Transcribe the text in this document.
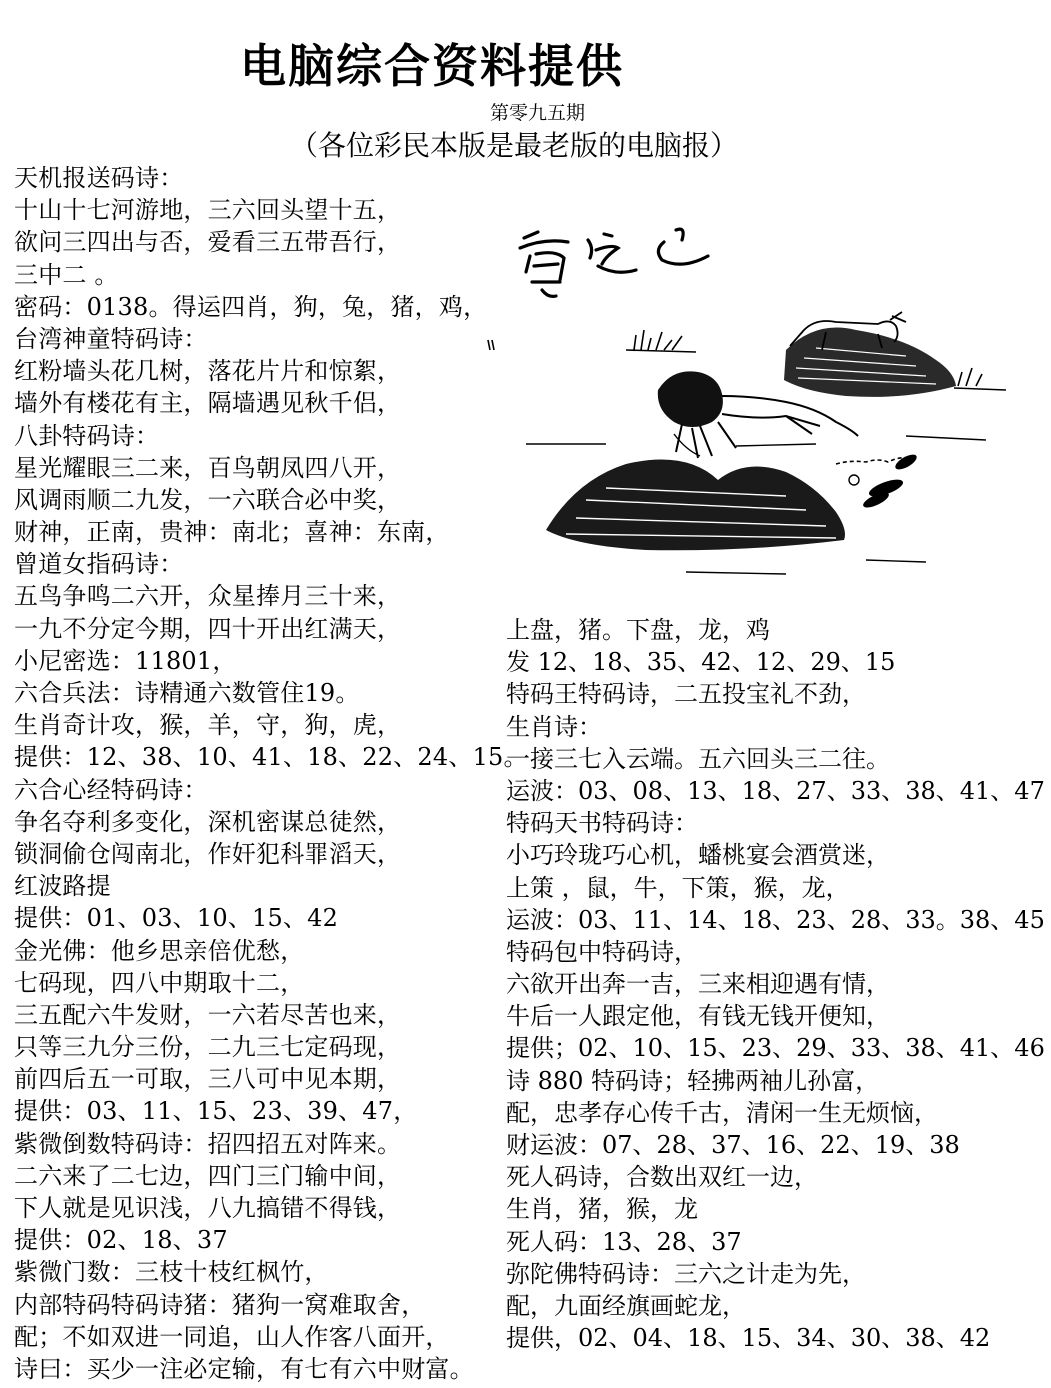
电脑综合资料提供
第零九五期
（各位彩民本版是最老版的电脑报）
天机报送码诗：
十山十七河游地，三六回头望十五，
欲问三四出与否，爱看三五带吾行，
三中二 。
密码：0138。得运四肖，狗，兔，猪，鸡，
台湾神童特码诗：
红粉墙头花几树，落花片片和惊絮，
墙外有楼花有主，隔墙遇见秋千侣，
八卦特码诗：
星光耀眼三二来，百鸟朝凤四八开，
风调雨顺二九发，一六联合必中奖，
财神，正南，贵神：南北；喜神：东南，
曾道女指码诗：
五鸟争鸣二六开，众星捧月三十来，
一九不分定今期，四十开出红满天，
小尼密选：11801，
六合兵法：诗精通六数管住19。
生肖奇计攻，猴，羊，守，狗，虎，
提供：12、38、10、41、18、22、24、15。
六合心经特码诗：
争名夺利多变化，深机密谋总徒然，
锁洞偷仓闯南北，作奸犯科罪滔天，
红波路提
提供：01、03、10、15、42
金光佛：他乡思亲倍优愁，
七码现，四八中期取十二，
三五配六牛发财，一六若尽苦也来，
只等三九分三份，二九三七定码现，
前四后五一可取，三八可中见本期，
提供：03、11、15、23、39、47，
紫微倒数特码诗：招四招五对阵来。
二六来了二七边，四门三门输中间，
下人就是见识浅，八九搞错不得钱，
提供：02、18、37
紫微门数：三枝十枝红枫竹，
内部特码特码诗猪：猪狗一窝难取舍，
配；不如双进一同追，山人作客八面开，
诗曰：买少一注必定输，有七有六中财富。
上盘，猪。下盘，龙，鸡
发 12、18、35、42、12、29、15
特码王特码诗，二五投宝礼不劲，
生肖诗：
一接三七入云端。五六回头三二往。
运波：03、08、13、18、27、33、38、41、47
特码天书特码诗：
小巧玲珑巧心机，蟠桃宴会酒赏迷，
上策 ，鼠，牛，下策，猴，龙，
运波：03、11、14、18、23、28、33。38、45
特码包中特码诗，
六欲开出奔一吉，三来相迎遇有情，
牛后一人跟定他，有钱无钱开便知，
提供；02、10、15、23、29、33、38、41、46
诗 880 特码诗；轻拂两袖儿孙富，
配，忠孝存心传千古，清闲一生无烦恼，
财运波：07、28、37、16、22、19、38
死人码诗，合数出双红一边，
生肖，猪，猴，龙
死人码：13、28、37
弥陀佛特码诗：三六之计走为先，
配，九面经旗画蛇龙，
提供，02、04、18、15、34、30、38、42
